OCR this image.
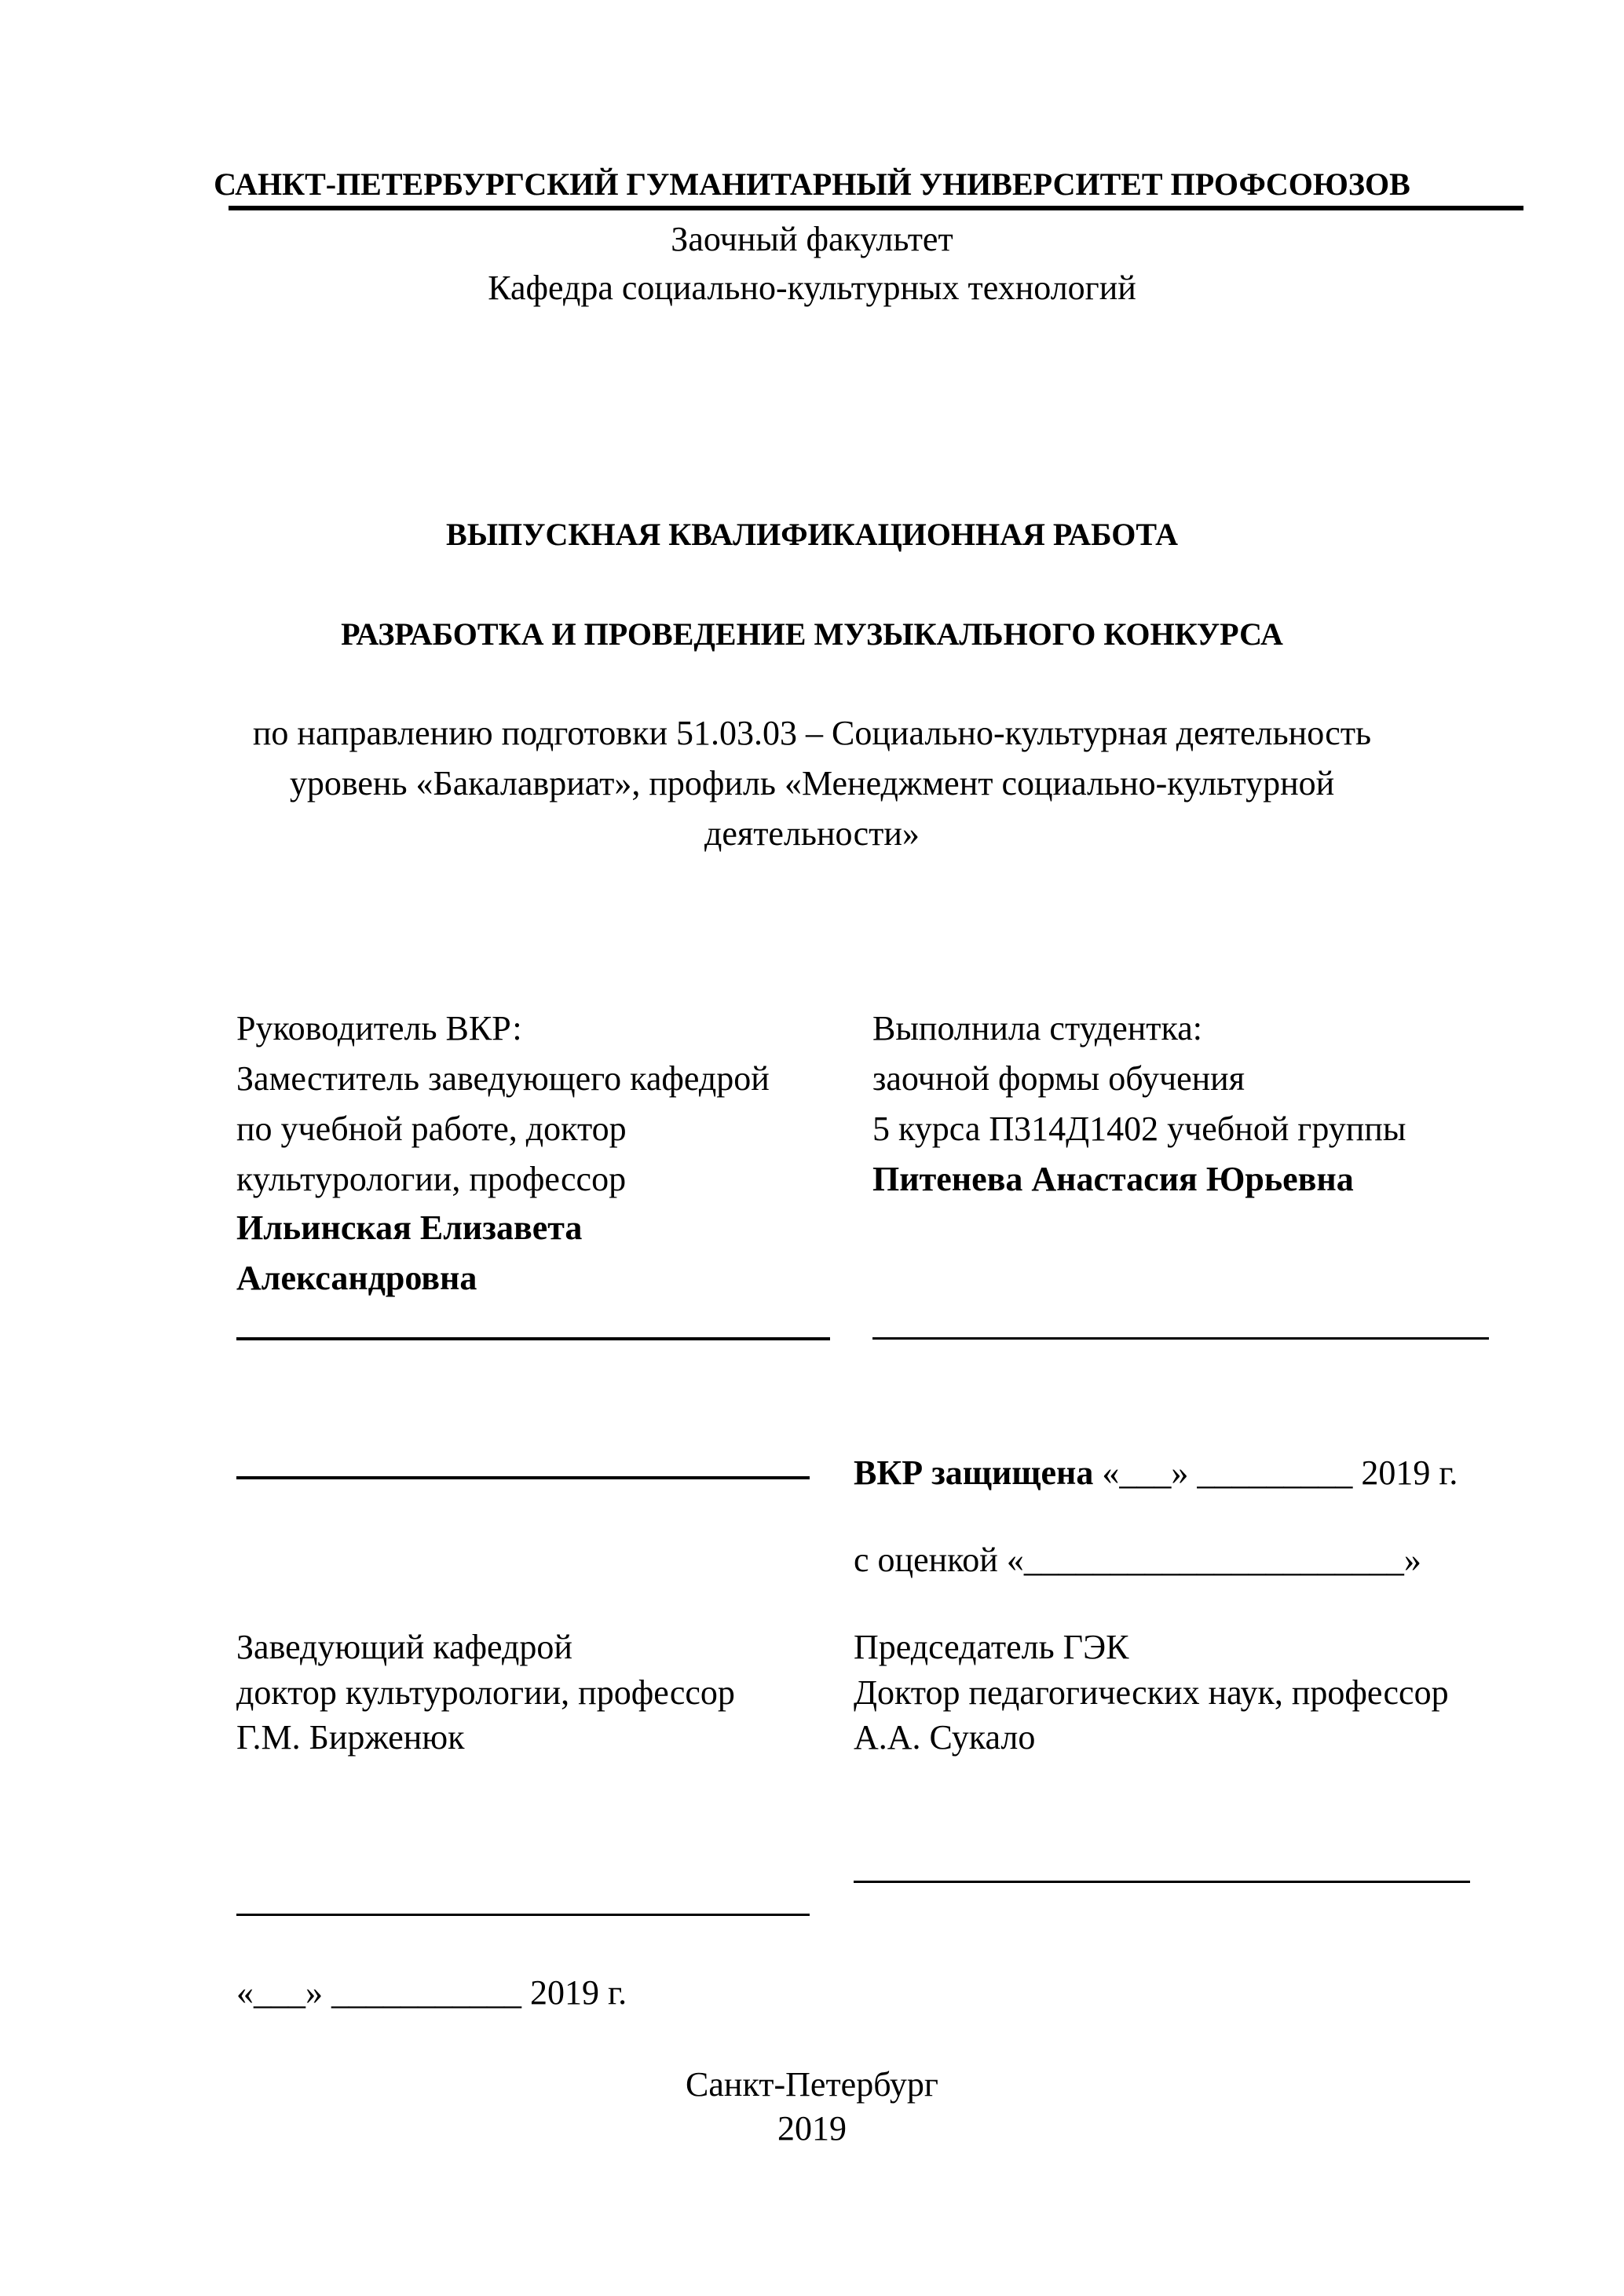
САНКТ-ПЕТЕРБУРГСКИЙ ГУМАНИТАРНЫЙ УНИВЕРСИТЕТ ПРОФСОЮЗОВ
Заочный факультет
Кафедра социально-культурных технологий
ВЫПУСКНАЯ КВАЛИФИКАЦИОННАЯ РАБОТА
РАЗРАБОТКА И ПРОВЕДЕНИЕ МУЗЫКАЛЬНОГО КОНКУРСА
по направлению подготовки 51.03.03 – Социально-культурная деятельность
уровень «Бакалавриат», профиль «Менеджмент социально-культурной
деятельности»
Руководитель ВКР:
Заместитель заведующего кафедрой
по учебной работе, доктор
культурологии, профессор
Ильинская Елизавета
Александровна
Выполнила студентка:
заочной формы обучения
5 курса П314Д1402 учебной группы
Питенева Анастасия Юрьевна
ВКР защищена «___» _________ 2019 г.
с оценкой «______________________»
Заведующий кафедрой
доктор культурологии, профессор
Г.М. Бирженюк
Председатель ГЭК
Доктор педагогических наук, профессор
А.А. Сукало
«___» ___________ 2019 г.
Санкт-Петербург
2019
